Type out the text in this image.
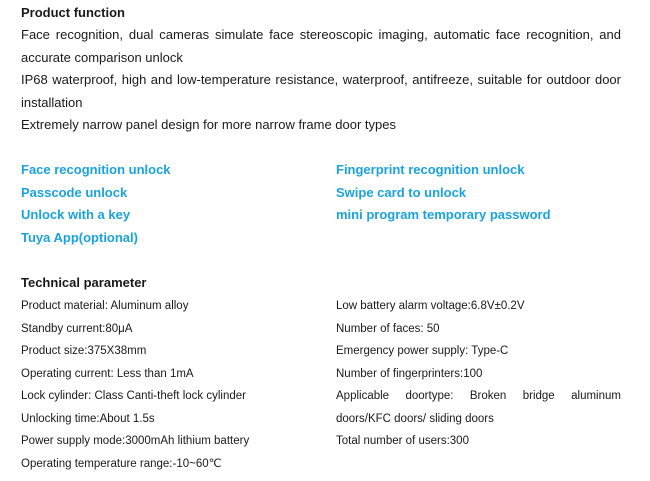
Product function
Face recognition, dual cameras simulate face stereoscopic imaging, automatic face recognition, and accurate comparison unlock
IP68 waterproof, high and low-temperature resistance, waterproof, antifreeze, suitable for outdoor door installation
Extremely narrow panel design for more narrow frame door types
Face recognition unlock
Passcode unlock
Unlock with a key
Tuya App(optional)
Fingerprint recognition unlock
Swipe card to unlock
mini program temporary password
Technical parameter
Product material: Aluminum alloy
Standby current:80μA
Product size:375X38mm
Operating current: Less than 1mA
Lock cylinder: Class Canti-theft lock cylinder
Unlocking time:About 1.5s
Power supply mode:3000mAh lithium battery
Operating temperature range:-10~60℃
Low battery alarm voltage:6.8V±0.2V
Number of faces: 50
Emergency power supply: Type-C
Number of fingerprinters:100
Applicable doortype: Broken bridge aluminum doors/KFC doors/ sliding doors
Total number of users:300
